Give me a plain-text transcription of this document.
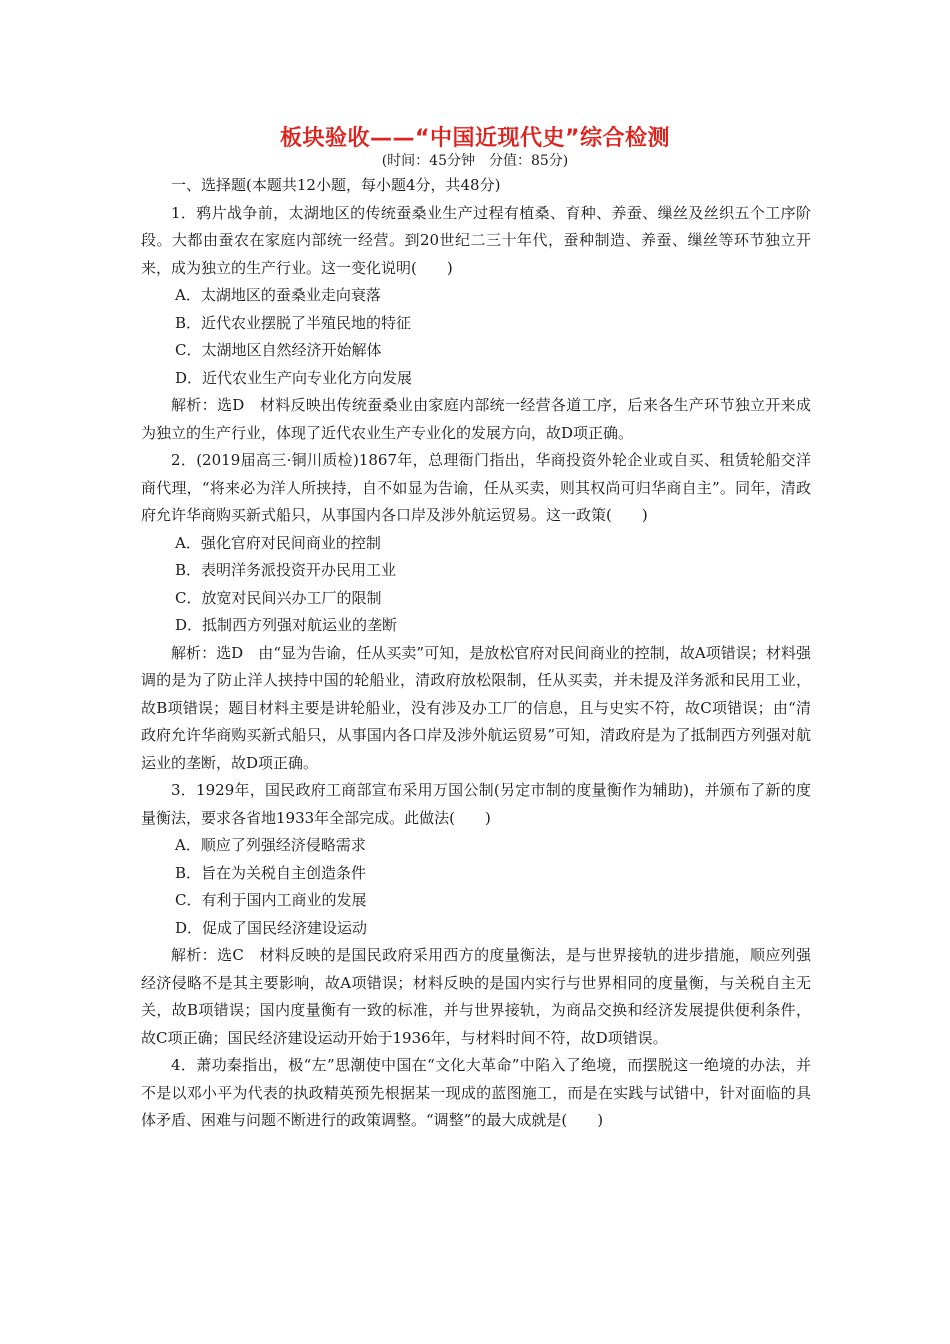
板块验收——“中国近现代史”综合检测
(时间：45分钟　分值：85分)

一、选择题(本题共12小题，每小题4分，共48分)

1．鸦片战争前，太湖地区的传统蚕桑业生产过程有植桑、育种、养蚕、缫丝及丝织五个工序阶段。大都由蚕农在家庭内部统一经营。到20世纪二三十年代，蚕种制造、养蚕、缫丝等环节独立开来，成为独立的生产行业。这一变化说明(　　)

A．太湖地区的蚕桑业走向衰落

B．近代农业摆脱了半殖民地的特征

C．太湖地区自然经济开始解体

D．近代农业生产向专业化方向发展

解析：选D　材料反映出传统蚕桑业由家庭内部统一经营各道工序，后来各生产环节独立开来成为独立的生产行业，体现了近代农业生产专业化的发展方向，故D项正确。

2．(2019届高三·铜川质检)1867年，总理衙门指出，华商投资外轮企业或自买、租赁轮船交洋商代理，“将来必为洋人所挟持，自不如显为告谕，任从买卖，则其权尚可归华商自主”。同年，清政府允许华商购买新式船只，从事国内各口岸及涉外航运贸易。这一政策(　　)

A．强化官府对民间商业的控制

B．表明洋务派投资开办民用工业

C．放宽对民间兴办工厂的限制

D．抵制西方列强对航运业的垄断

解析：选D　由“显为告谕，任从买卖”可知，是放松官府对民间商业的控制，故A项错误；材料强调的是为了防止洋人挟持中国的轮船业，清政府放松限制，任从买卖，并未提及洋务派和民用工业，故B项错误；题目材料主要是讲轮船业，没有涉及办工厂的信息，且与史实不符，故C项错误；由“清政府允许华商购买新式船只，从事国内各口岸及涉外航运贸易”可知，清政府是为了抵制西方列强对航运业的垄断，故D项正确。

3．1929年，国民政府工商部宣布采用万国公制(另定市制的度量衡作为辅助)，并颁布了新的度量衡法，要求各省地1933年全部完成。此做法(　　)

A．顺应了列强经济侵略需求

B．旨在为关税自主创造条件

C．有利于国内工商业的发展

D．促成了国民经济建设运动

解析：选C　材料反映的是国民政府采用西方的度量衡法，是与世界接轨的进步措施，顺应列强经济侵略不是其主要影响，故A项错误；材料反映的是国内实行与世界相同的度量衡，与关税自主无关，故B项错误；国内度量衡有一致的标准，并与世界接轨，为商品交换和经济发展提供便利条件，故C项正确；国民经济建设运动开始于1936年，与材料时间不符，故D项错误。

4．萧功秦指出，极“左”思潮使中国在“文化大革命”中陷入了绝境，而摆脱这一绝境的办法，并不是以邓小平为代表的执政精英预先根据某一现成的蓝图施工，而是在实践与试错中，针对面临的具体矛盾、困难与问题不断进行的政策调整。“调整”的最大成就是(　　)
